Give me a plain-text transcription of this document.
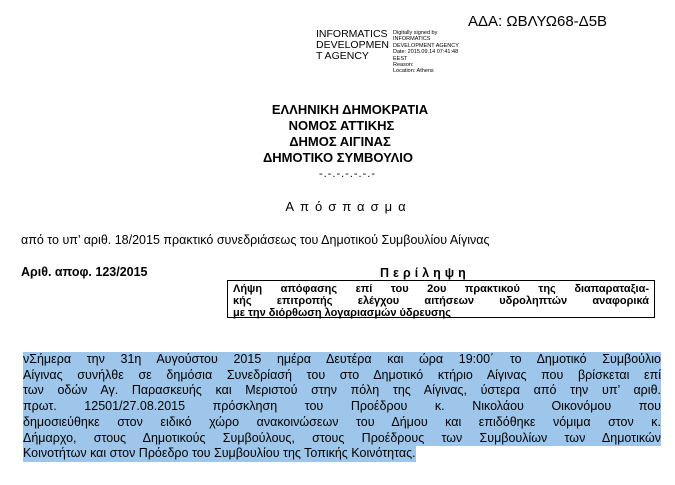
ΑΔΑ: ΩΒΛΥΩ68-Δ5Β
INFORMATICS
DEVELOPMEN
T AGENCY
Digitally signed by
INFORMATICS
DEVELOPMENT AGENCY
Date: 2015.09.14 07:41:48
EEST
Reason:
Location: Athens
ΕΛΛΗΝΙΚΗ ΔΗΜΟΚΡΑΤΙΑ
ΝΟΜΟΣ ΑΤΤΙΚΗΣ
ΔΗΜΟΣ ΑΙΓΙΝΑΣ
ΔΗΜΟΤΙΚΟ ΣΥΜΒΟΥΛΙΟ
-.-.-.-.-.-.-
Απόσπασμα
από το υπ’ αριθ. 18/2015 πρακτικό συνεδριάσεως του Δημοτικού Συμβουλίου Αίγινας
Αριθ. αποφ. 123/2015	Περίληψη
Λήψη απόφασης επί του 2ου πρακτικού της διαπαραταξια-
κής επιτροπής ελέγχου αιτήσεων υδροληπτών αναφορικά
με την διόρθωση λογαριασμών ύδρευσης
νΣήμερα την 31η Αυγούστου 2015 ημέρα Δευτέρα και ώρα 19:00΄ το Δημοτικό Συμβούλιο
Αίγινας συνήλθε σε δημόσια Συνεδρίασή του στο Δημοτικό κτήριο Αίγινας που βρίσκεται επί
των οδών Αγ. Παρασκευής και Μεριστού στην πόλη της Αίγινας, ύστερα από την υπ’ αριθ.
πρωτ. 12501/27.08.2015 πρόσκληση του Προέδρου κ. Νικολάου Οικονόμου που
δημοσιεύθηκε στον ειδικό χώρο ανακοινώσεων του Δήμου και επιδόθηκε νόμιμα στον κ.
Δήμαρχο, στους Δημοτικούς Συμβούλους, στους Προέδρους των Συμβουλίων των Δημοτικών
Κοινοτήτων και στον Πρόεδρο του Συμβουλίου της Τοπικής Κοινότητας.
